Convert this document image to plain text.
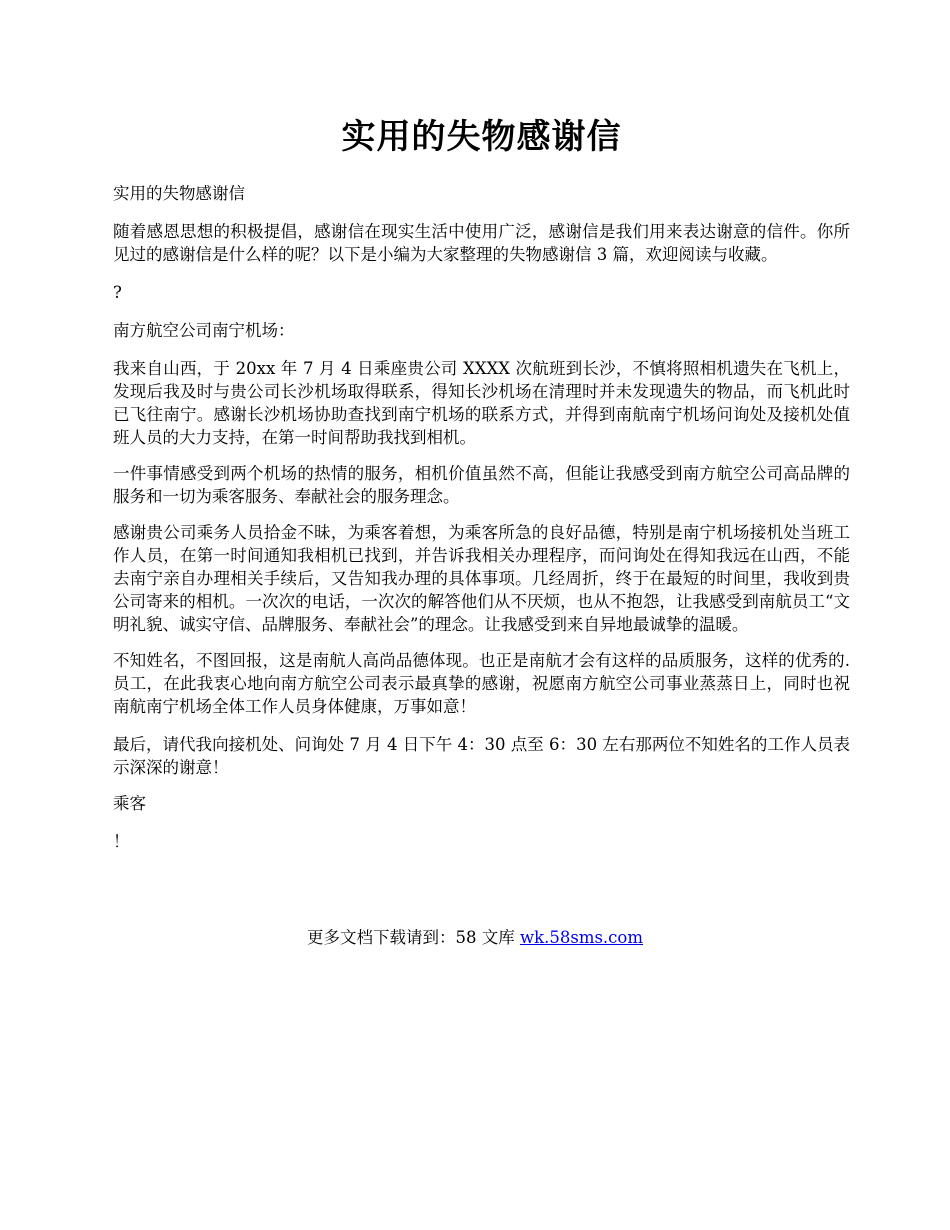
实用的失物感谢信

实用的失物感谢信

随着感恩思想的积极提倡，感谢信在现实生活中使用广泛，感谢信是我们用来表达谢意的信件。你所见过的感谢信是什么样的呢？以下是小编为大家整理的失物感谢信 3 篇，欢迎阅读与收藏。

?

南方航空公司南宁机场：

我来自山西，于 20xx 年 7 月 4 日乘座贵公司 XXXX 次航班到长沙，不慎将照相机遗失在飞机上，发现后我及时与贵公司长沙机场取得联系，得知长沙机场在清理时并未发现遗失的物品，而飞机此时已飞往南宁。感谢长沙机场协助查找到南宁机场的联系方式，并得到南航南宁机场问询处及接机处值班人员的大力支持，在第一时间帮助我找到相机。

一件事情感受到两个机场的热情的服务，相机价值虽然不高，但能让我感受到南方航空公司高品牌的服务和一切为乘客服务、奉献社会的服务理念。

感谢贵公司乘务人员拾金不昧，为乘客着想，为乘客所急的良好品德，特别是南宁机场接机处当班工作人员，在第一时间通知我相机已找到，并告诉我相关办理程序，而问询处在得知我远在山西，不能去南宁亲自办理相关手续后，又告知我办理的具体事项。几经周折，终于在最短的时间里，我收到贵公司寄来的相机。一次次的电话，一次次的解答他们从不厌烦，也从不抱怨，让我感受到南航员工“文明礼貌、诚实守信、品牌服务、奉献社会”的理念。让我感受到来自异地最诚挚的温暖。

不知姓名，不图回报，这是南航人高尚品德体现。也正是南航才会有这样的品质服务，这样的优秀的.员工，在此我衷心地向南方航空公司表示最真挚的感谢，祝愿南方航空公司事业蒸蒸日上，同时也祝南航南宁机场全体工作人员身体健康，万事如意！

最后，请代我向接机处、问询处 7 月 4 日下午 4：30 点至 6：30 左右那两位不知姓名的工作人员表示深深的谢意！

乘客

！

更多文档下载请到：58 文库 wk.58sms.com
